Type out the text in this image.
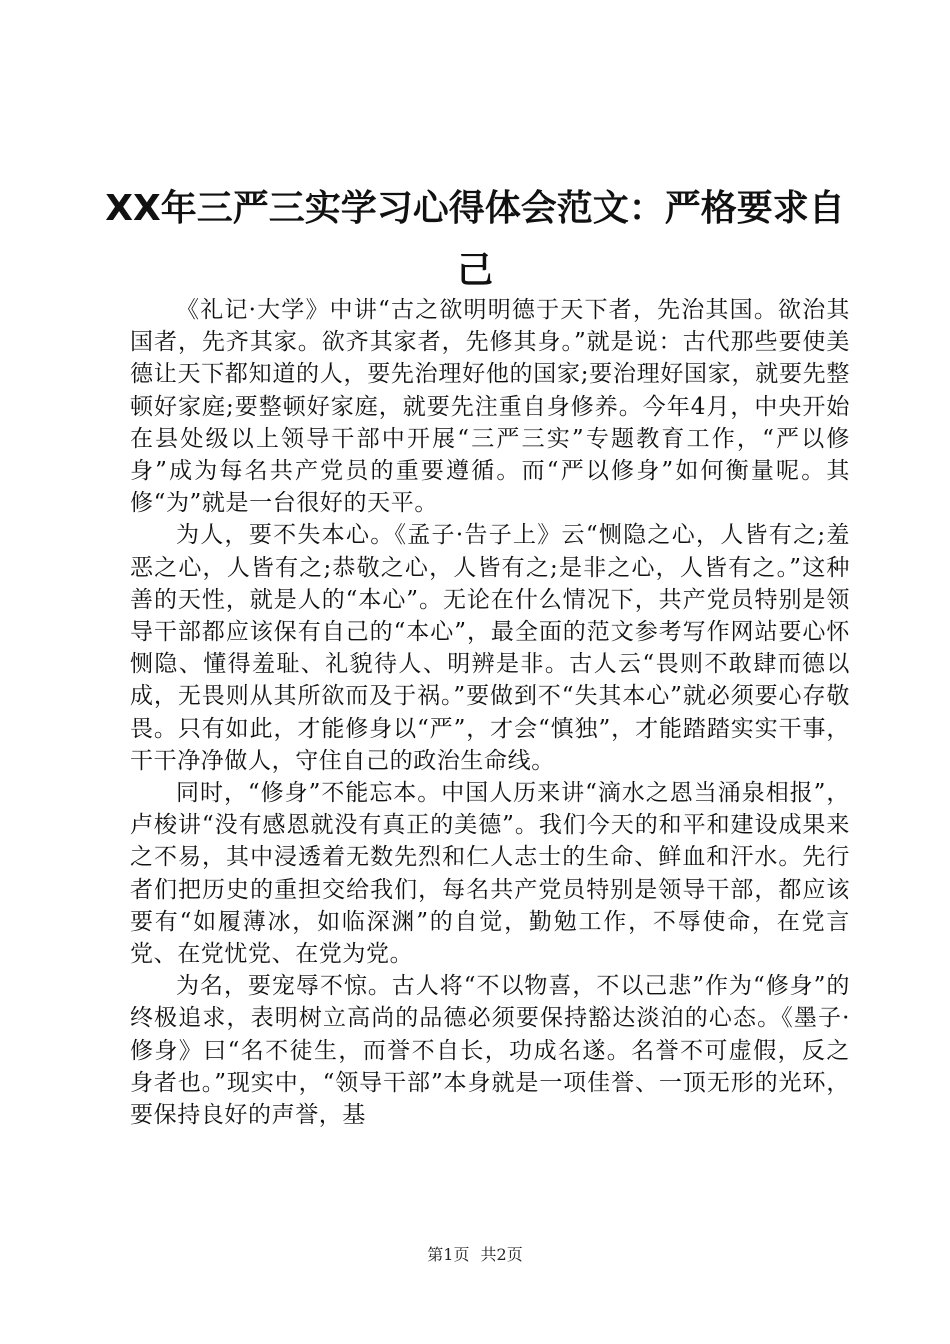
XX年三严三实学习心得体会范文：严格要求自己

《礼记·大学》中讲“古之欲明明德于天下者，先治其国。欲治其国者，先齐其家。欲齐其家者，先修其身。”就是说：古代那些要使美德让天下都知道的人，要先治理好他的国家;要治理好国家，就要先整顿好家庭;要整顿好家庭，就要先注重自身修养。今年4月，中央开始在县处级以上领导干部中开展“三严三实”专题教育工作，“严以修身”成为每名共产党员的重要遵循。而“严以修身”如何衡量呢。其修“为”就是一台很好的天平。

为人，要不失本心。《孟子·告子上》云“恻隐之心，人皆有之;羞恶之心，人皆有之;恭敬之心，人皆有之;是非之心，人皆有之。”这种善的天性，就是人的“本心”。无论在什么情况下，共产党员特别是领导干部都应该保有自己的“本心”，最全面的范文参考写作网站要心怀恻隐、懂得羞耻、礼貌待人、明辨是非。古人云“畏则不敢肆而德以成，无畏则从其所欲而及于祸。”要做到不“失其本心”就必须要心存敬畏。只有如此，才能修身以“严”，才会“慎独”，才能踏踏实实干事，干干净净做人，守住自己的政治生命线。

同时，“修身”不能忘本。中国人历来讲“滴水之恩当涌泉相报”，卢梭讲“没有感恩就没有真正的美德”。我们今天的和平和建设成果来之不易，其中浸透着无数先烈和仁人志士的生命、鲜血和汗水。先行者们把历史的重担交给我们，每名共产党员特别是领导干部，都应该要有“如履薄冰，如临深渊”的自觉，勤勉工作，不辱使命，在党言党、在党忧党、在党为党。

为名，要宠辱不惊。古人将“不以物喜，不以己悲”作为“修身”的终极追求，表明树立高尚的品德必须要保持豁达淡泊的心态。《墨子·修身》曰“名不徒生，而誉不自长，功成名遂。名誉不可虚假，反之身者也。”现实中，“领导干部”本身就是一项佳誉、一顶无形的光环，要保持良好的声誉，基

第1页 共2页
